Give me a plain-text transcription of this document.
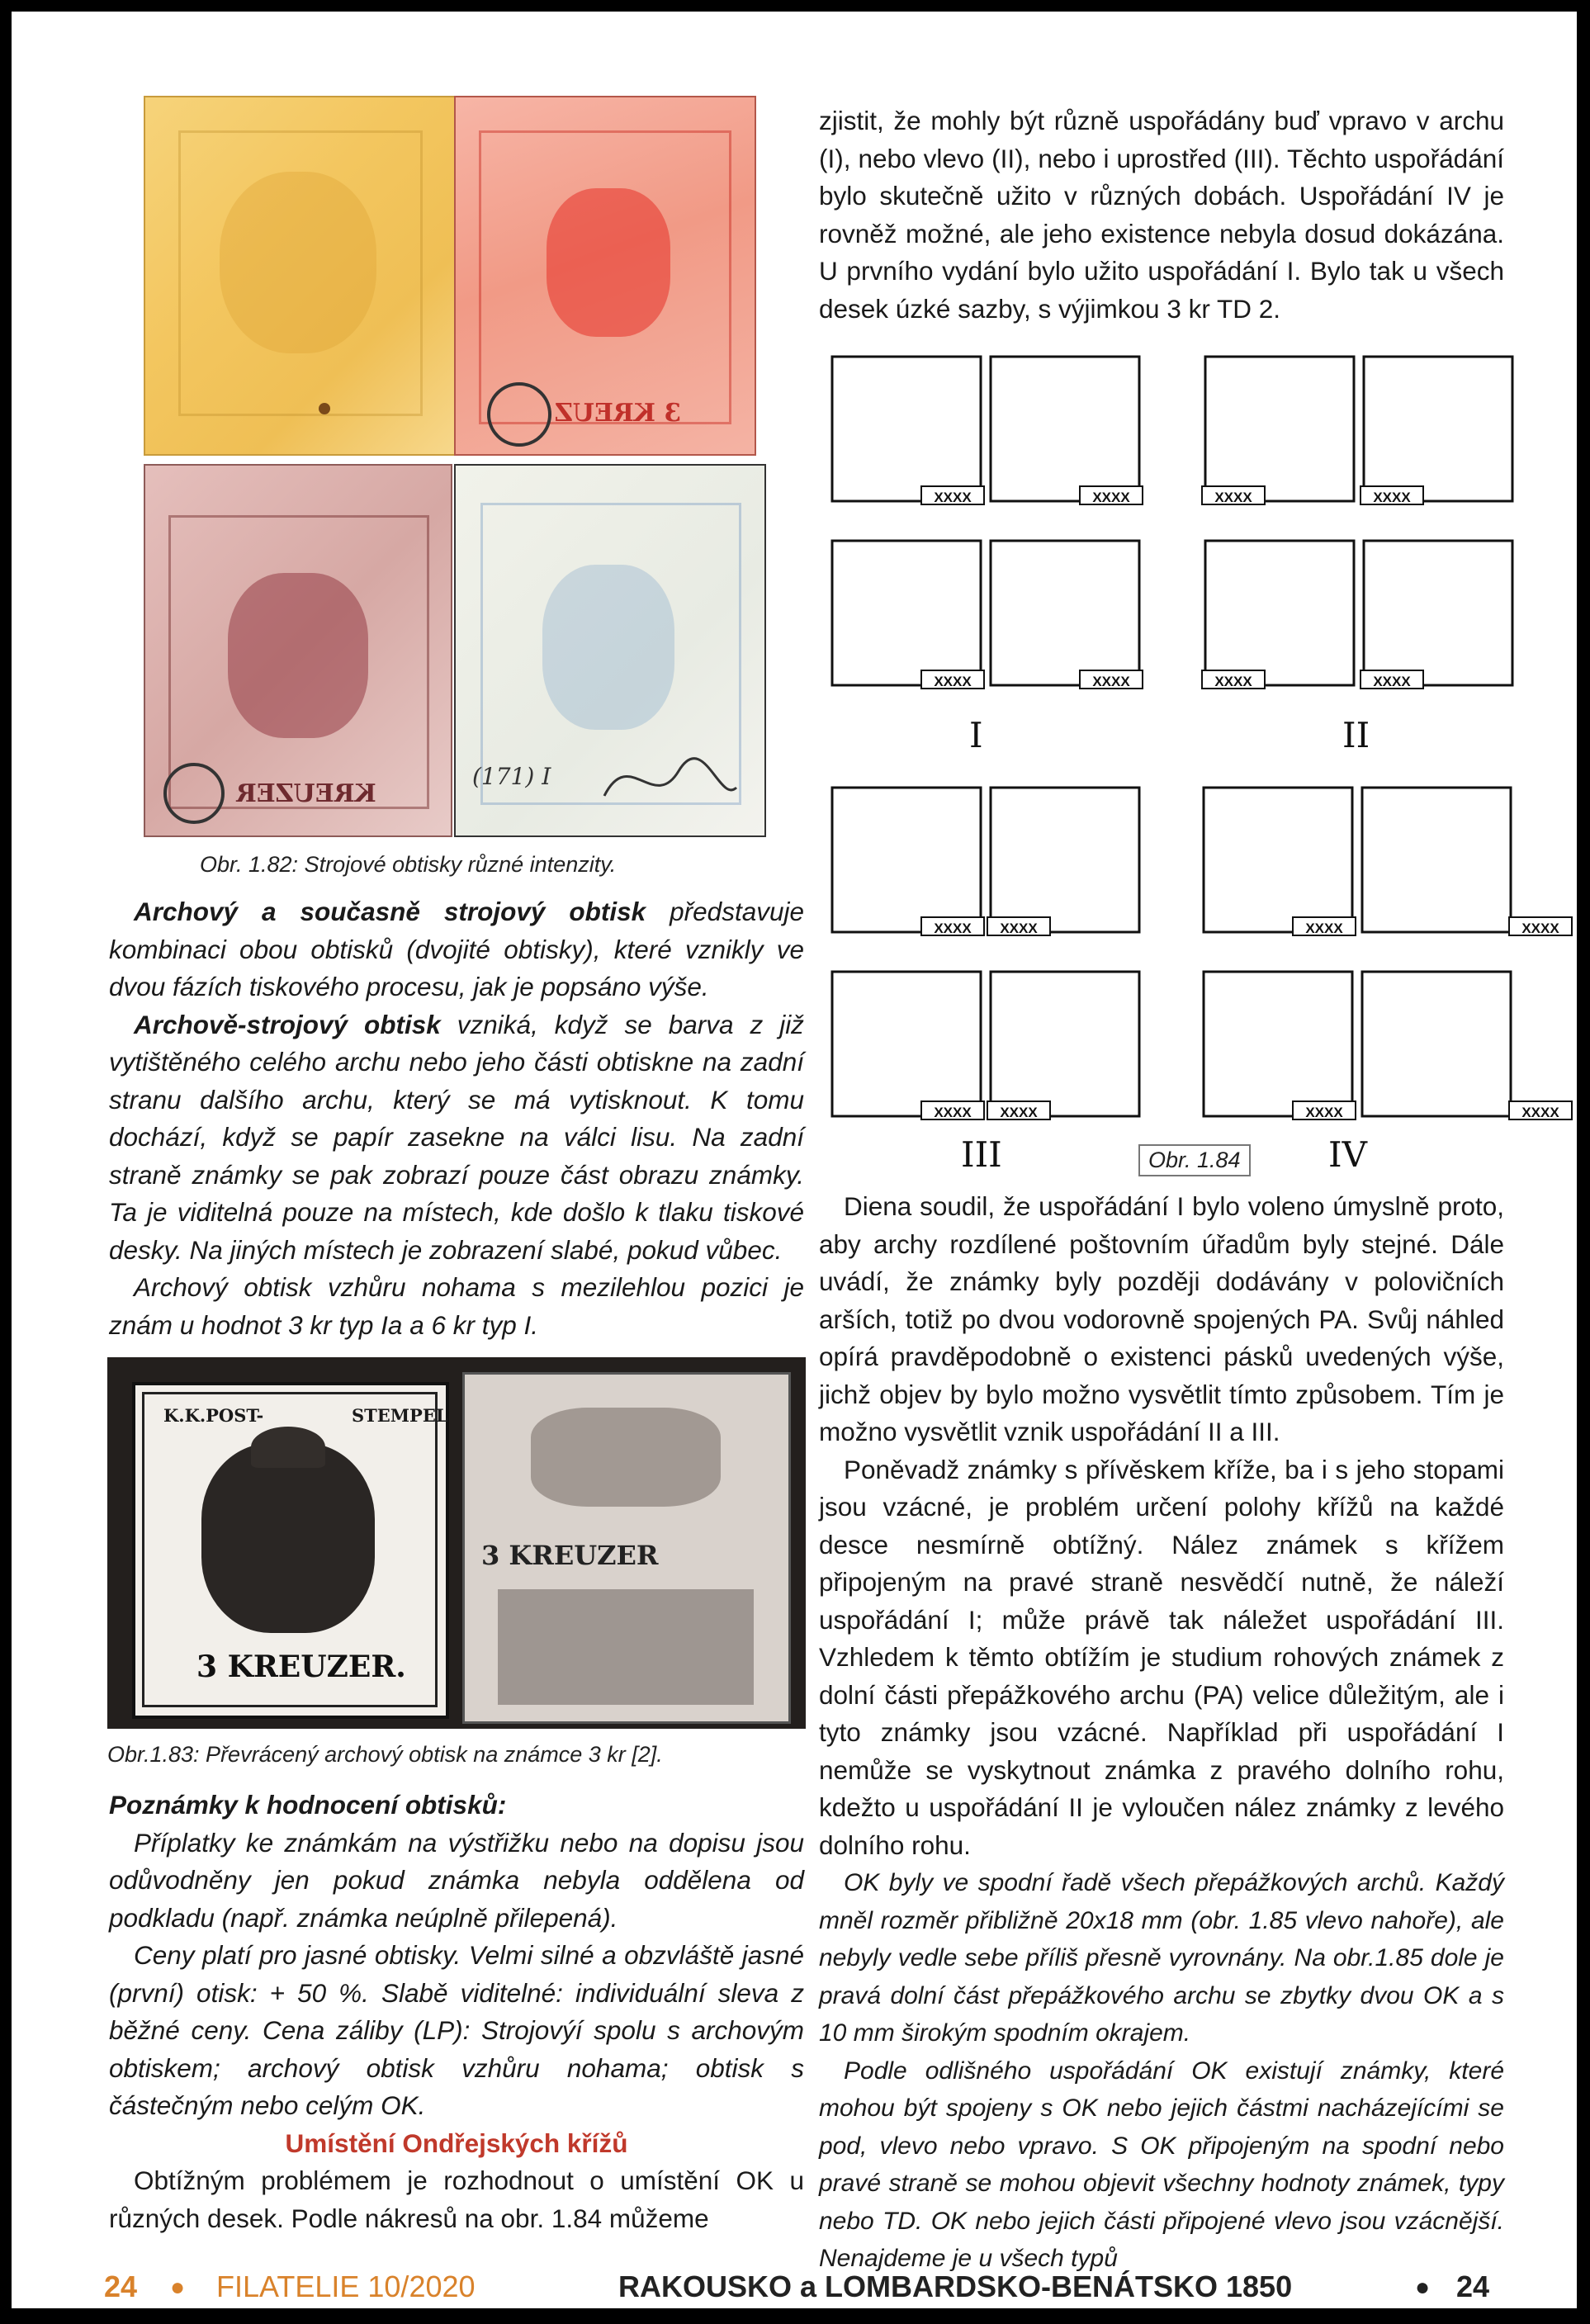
3 KREUZ
KREUZER
(171) I
Obr. 1.82: Strojové obtisky různé intenzity.

Archový a současně strojový obtisk představuje kombinaci obou obtisků (dvojité obtisky), které vznikly ve dvou fázích tiskového procesu, jak je popsáno výše.

Archově-strojový obtisk vzniká, když se barva z již vytištěného celého archu nebo jeho části obtiskne na zadní stranu dalšího archu, který se má vytisknout. K tomu dochází, když se papír zasekne na válci lisu. Na zadní straně známky se pak zobrazí pouze část obrazu známky. Ta je viditelná pouze na místech, kde došlo k tlaku tiskové desky. Na jiných místech je zobrazení slabé, pokud vůbec.

Archový obtisk vzhůru nohama s mezilehlou pozici je znám u hodnot 3 kr typ Ia a 6 kr typ I.

K.K.POST-	STEMPEL
3 KREUZER.
3 KREUZER
Obr.1.83: Převrácený archový obtisk na známce 3 kr [2].

Poznámky k hodnocení obtisků:

Příplatky ke známkám na výstřižku nebo na dopisu jsou odůvodněny jen pokud známka nebyla oddělena od podkladu (např. známka neúplně přilepená).

Ceny platí pro jasné obtisky. Velmi silné a obzvláště jasné (první) otisk: + 50 %. Slabě viditelné: individuální sleva z běžné ceny. Cena záliby (LP): Strojovýí spolu s archovým obtiskem; archový obtisk vzhůru nohama; obtisk s částečným nebo celým OK.

Umístění Ondřejských křížů

Obtížným problémem je rozhodnout o umístění OK u různých desek. Podle nákresů na obr. 1.84 můžeme

zjistit, že mohly být různě uspořádány buď vpravo v archu (I), nebo vlevo (II), nebo i uprostřed (III). Těchto uspořádání bylo skutečně užito v různých dobách. Uspořádání IV je rovněž možné, ale jeho existence nebyla dosud dokázána. U prvního vydání bylo užito uspořádání I. Bylo tak u všech desek úzké sazby, s výjimkou 3 kr TD 2.

XXXX	XXXX
XXXX	XXXX
XXXX	XXXX
XXXX	XXXX
XXXX XXXX
XXXX XXXX
XXXX	XXXX
XXXX	XXXX
I	II
III	IV
Obr. 1.84

Diena soudil, že uspořádání I bylo voleno úmyslně proto, aby archy rozdílené poštovním úřadům byly stejné. Dále uvádí, že známky byly později dodávány v polovičních arších, totiž po dvou vodorovně spojených PA. Svůj náhled opírá pravděpodobně o existenci pásků uvedených výše, jichž objev by bylo možno vysvětlit tímto způsobem. Tím je možno vysvětlit vznik uspořádání II a III.

Poněvadž známky s přívěskem kříže, ba i s jeho stopami jsou vzácné, je problém určení polohy křížů na každé desce nesmírně obtížný. Nález známek s křížem připojeným na pravé straně nesvědčí nutně, že náleží uspořádání I; může právě tak náležet uspořádání III. Vzhledem k těmto obtížím je studium rohových známek z dolní části přepážkového archu (PA) velice důležitým, ale i tyto známky jsou vzácné. Například při uspořádání I nemůže se vyskytnout známka z pravého dolního rohu, kdežto u uspořádání II je vyloučen nález známky z levého dolního rohu.

OK byly ve spodní řadě všech přepážkových archů. Každý mněl rozměr přibližně 20x18 mm (obr. 1.85 vlevo nahoře), ale nebyly vedle sebe příliš přesně vyrovnány. Na obr.1.85 dole je pravá dolní část přepážkového archu se zbytky dvou OK a s 10 mm širokým spodním okrajem.

Podle odlišného uspořádání OK existují známky, které mohou být spojeny s OK nebo jejich částmi nacházejícími se pod, vlevo nebo vpravo. S OK připojeným na spodní nebo pravé straně se mohou objevit všechny hodnoty známek, typy nebo TD. OK nebo jejich části připojené vlevo jsou vzácnější. Nenajdeme je u všech typů

24 ● FILATELIE 10/2020	RAKOUSKO a LOMBARDSKO-BENÁTSKO 1850	● 24
